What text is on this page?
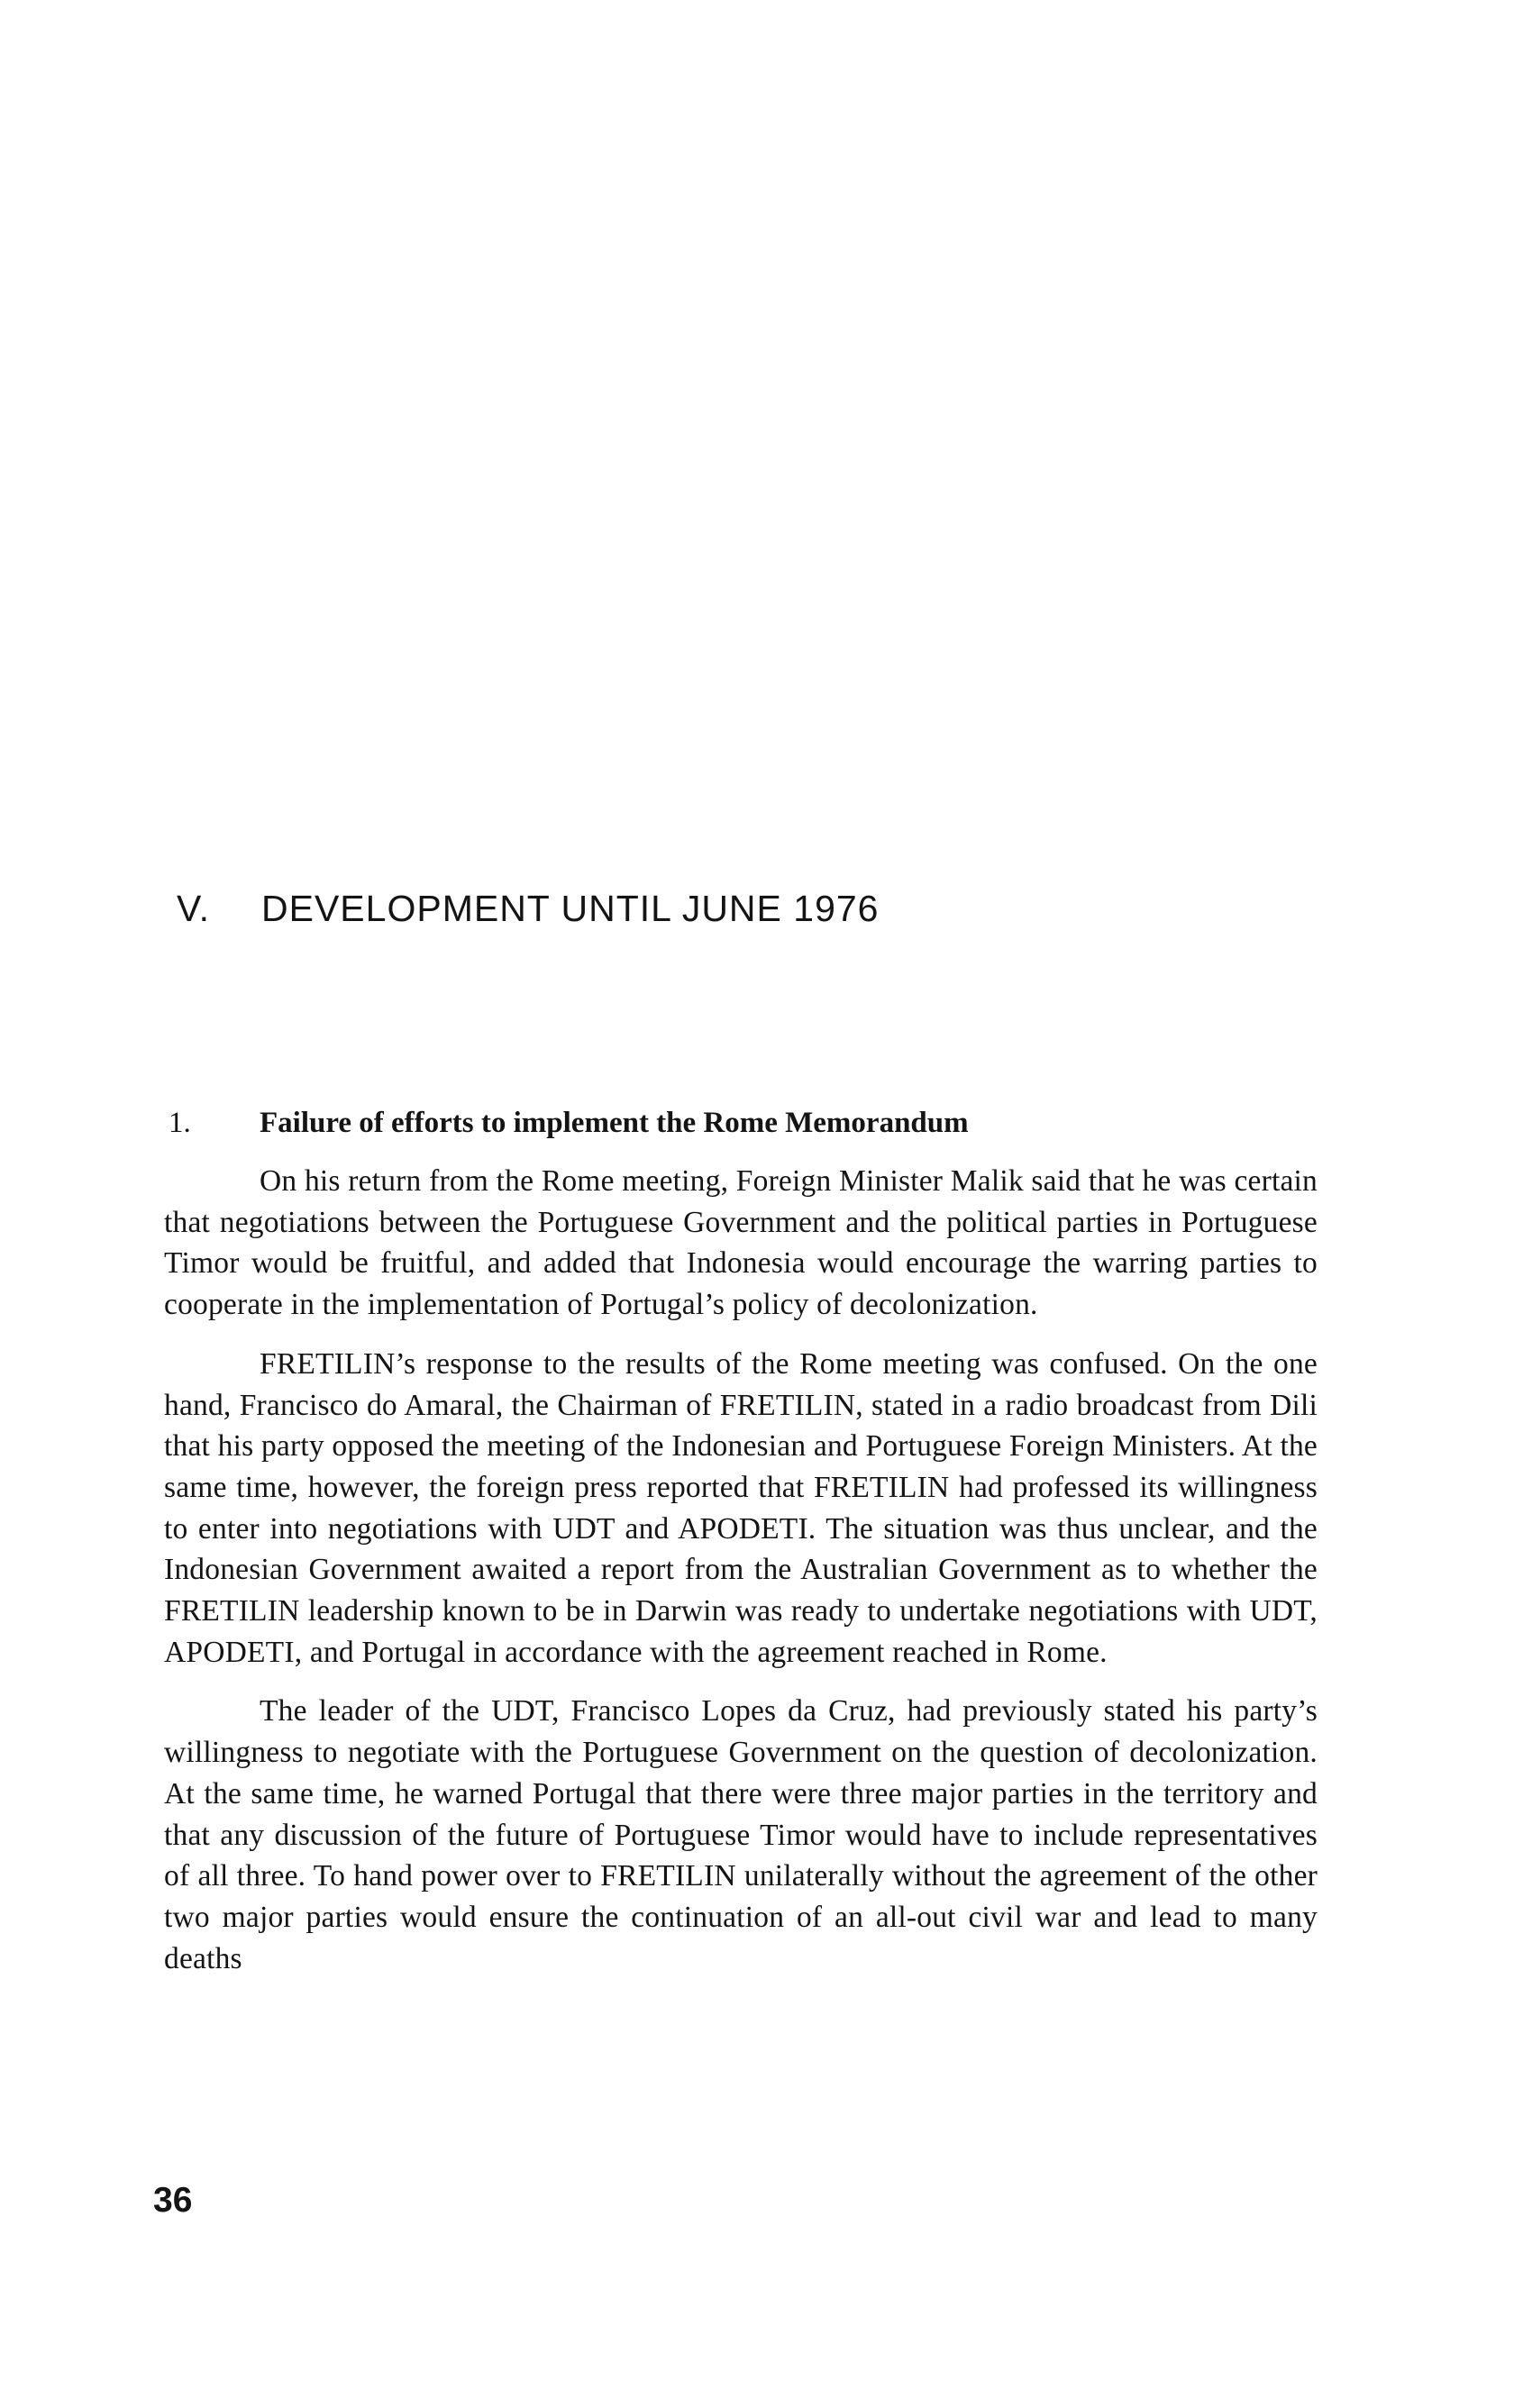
V. DEVELOPMENT UNTIL JUNE 1976
1. Failure of efforts to implement the Rome Memorandum

On his return from the Rome meeting, Foreign Minister Malik said that he was certain that negotiations between the Portuguese Government and the political parties in Portuguese Timor would be fruitful, and added that Indonesia would encourage the warring parties to cooperate in the implementation of Portugal’s policy of decolonization.

FRETILIN’s response to the results of the Rome meeting was confused. On the one hand, Francisco do Amaral, the Chairman of FRETILIN, stated in a radio broadcast from Dili that his party opposed the meeting of the Indonesian and Portuguese Foreign Ministers. At the same time, however, the foreign press reported that FRETILIN had professed its willingness to enter into negotiations with UDT and APODETI. The situation was thus unclear, and the Indonesian Government awaited a report from the Australian Government as to whether the FRETILIN leadership known to be in Darwin was ready to undertake negotiations with UDT, APODETI, and Portugal in accordance with the agreement reached in Rome.

The leader of the UDT, Francisco Lopes da Cruz, had previously stated his party’s willingness to negotiate with the Portuguese Government on the question of decolonization. At the same time, he warned Portugal that there were three major parties in the territory and that any discussion of the future of Portuguese Timor would have to include representatives of all three. To hand power over to FRETILIN unilaterally without the agreement of the other two major parties would ensure the continuation of an all-out civil war and lead to many deaths

36
